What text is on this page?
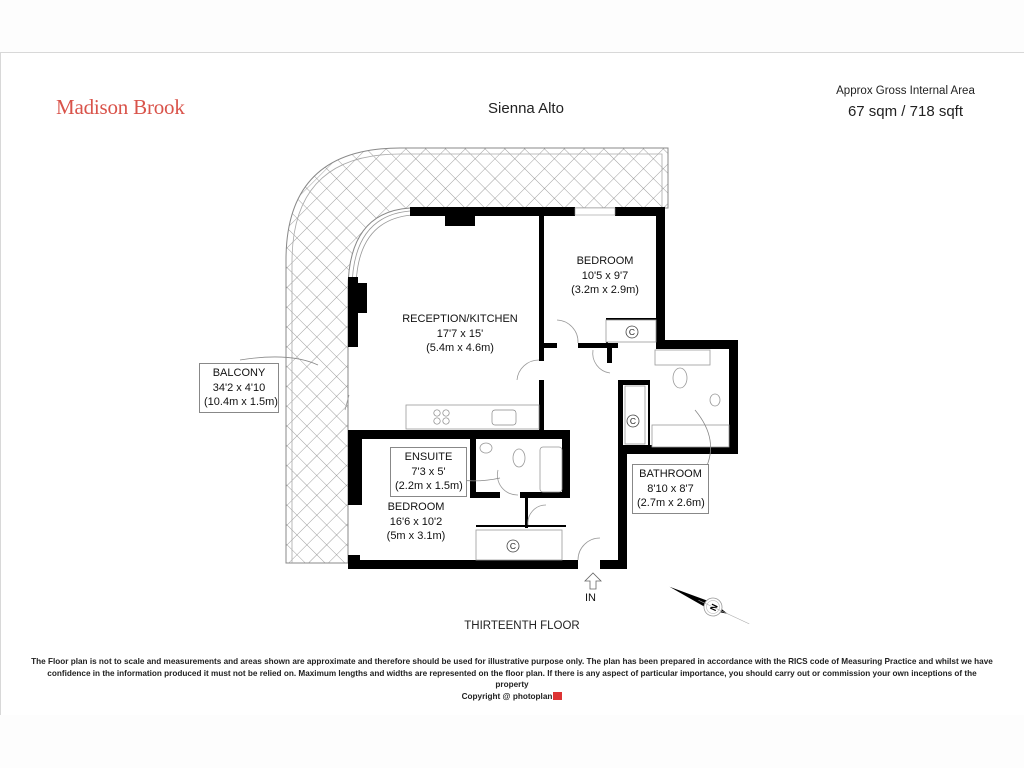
Madison Brook	Sienna Alto
Approx Gross Internal Area
67 sqm / 718 sqft
C
C
C
N
RECEPTION/KITCHEN
17'7 x 15'
(5.4m x 4.6m)
BEDROOM
10'5 x 9'7
(3.2m x 2.9m)
BALCONY
34'2 x 4'10
(10.4m x 1.5m)
ENSUITE
7'3 x 5'
(2.2m x 1.5m)
BEDROOM
16'6 x 10'2
(5m x 3.1m)
BATHROOM
8'10 x 8'7
(2.7m x 2.6m)
IN
THIRTEENTH FLOOR
The Floor plan is not to scale and measurements and areas shown are approximate and therefore should be used for illustrative purpose only. The plan has been prepared in accordance with the RICS code of Measuring Practice and whilst we have
confidence in the information produced it must not be relied on. Maximum lengths and widths are represented on the floor plan. If there is any aspect of particular importance, you should carry out or commission your own inceptions of the property
Copyright @ photoplan
